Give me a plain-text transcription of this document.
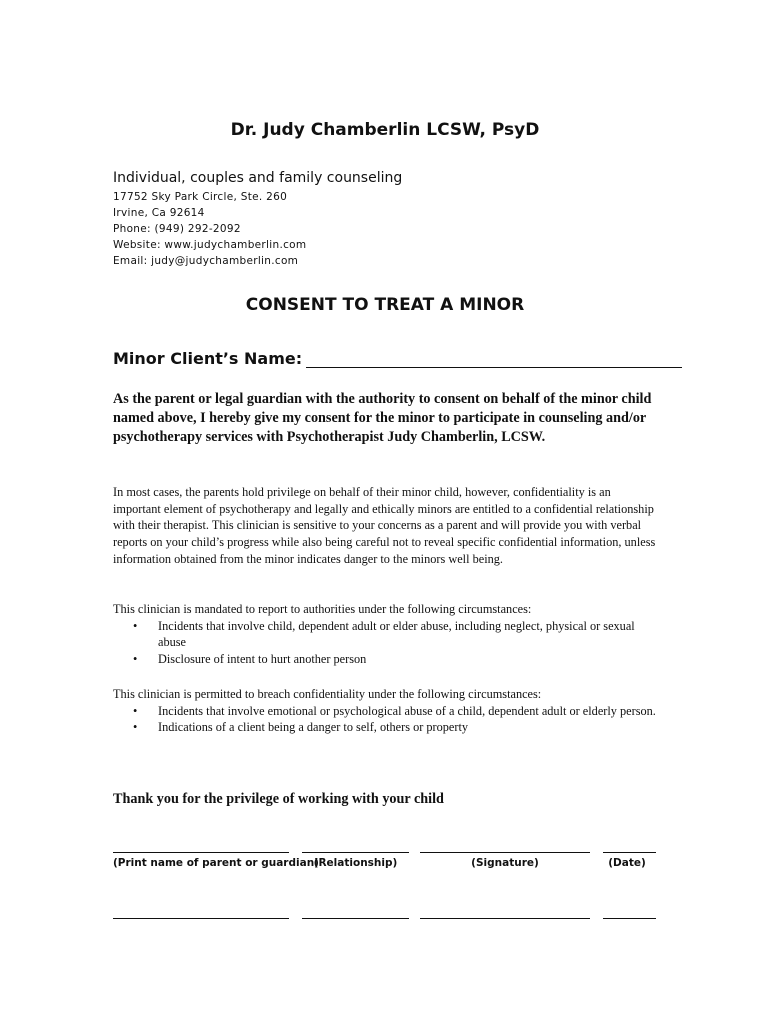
Dr. Judy Chamberlin LCSW, PsyD
Individual, couples and family counseling
17752 Sky Park Circle, Ste. 260
Irvine, Ca 92614
Phone: (949) 292-2092
Website: www.judychamberlin.com
Email: judy@judychamberlin.com
CONSENT TO TREAT A MINOR
Minor Client’s Name:
As the parent or legal guardian with the authority to consent on behalf of the minor child named above, I hereby give my consent for the minor to participate in counseling and/or psychotherapy services with Psychotherapist Judy Chamberlin, LCSW.
In most cases, the parents hold privilege on behalf of their minor child, however, confidentiality is an important element of psychotherapy and legally and ethically minors are entitled to a confidential relationship with their therapist. This clinician is sensitive to your concerns as a parent and will provide you with verbal reports on your child’s progress while also being careful not to reveal specific confidential information, unless information obtained from the minor indicates danger to the minors well being.

This clinician is mandated to report to authorities under the following circumstances:

• Incidents that involve child, dependent adult or elder abuse, including neglect, physical or sexual abuse
• Disclosure of intent to hurt another person

This clinician is permitted to breach confidentiality under the following circumstances:

• Incidents that involve emotional or psychological abuse of a child, dependent adult or elderly person.
• Indications of a client being a danger to self, others or property
Thank you for the privilege of working with your child
(Print name of parent or guardian)
(Relationship)	(Signature)	(Date)
